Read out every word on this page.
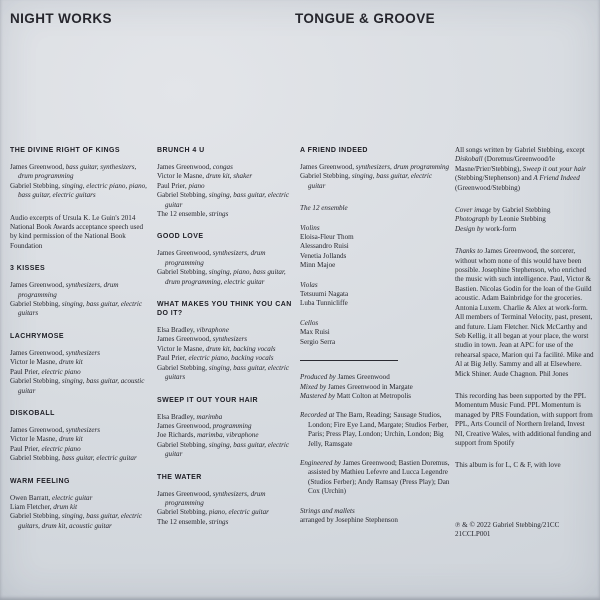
NIGHT WORKS	TONGUE & GROOVE
THE DIVINE RIGHT OF KINGS
James Greenwood, bass guitar, synthesizers, drum programming
Gabriel Stebbing, singing, electric piano, piano, bass guitar, electric guitars
Audio excerpts of Ursula K. Le Guin's 2014 National Book Awards acceptance speech used by kind permission of the National Book Foundation
3 KISSES
James Greenwood, synthesizers, drum programming
Gabriel Stebbing, singing, bass guitar, electric guitars
LACHRYMOSE
James Greenwood, synthesizers
Victor le Masne, drum kit
Paul Prier, electric piano
Gabriel Stebbing, singing, bass guitar, acoustic guitar
DISKOBALL
James Greenwood, synthesizers
Victor le Masne, drum kit
Paul Prier, electric piano
Gabriel Stebbing, bass guitar, electric guitar
WARM FEELING
Owen Barratt, electric guitar
Liam Fletcher, drum kit
Gabriel Stebbing, singing, bass guitar, electric guitars, drum kit, acoustic guitar
BRUNCH 4 U
James Greenwood, congas
Victor le Masne, drum kit, shaker
Paul Prier, piano
Gabriel Stebbing, singing, bass guitar, electric guitar
The 12 ensemble, strings
GOOD LOVE
James Greenwood, synthesizers, drum programming
Gabriel Stebbing, singing, piano, bass guitar, drum programming, electric guitar
WHAT MAKES YOU THINK YOU CAN DO IT?
Elsa Bradley, vibraphone
James Greenwood, synthesizers
Victor le Masne, drum kit, backing vocals
Paul Prier, electric piano, backing vocals
Gabriel Stebbing, singing, bass guitar, electric guitars
SWEEP IT OUT YOUR HAIR
Elsa Bradley, marimba
James Greenwood, programming
Joe Richards, marimba, vibraphone
Gabriel Stebbing, singing, bass guitar, electric guitar
THE WATER
James Greenwood, synthesizers, drum programming
Gabriel Stebbing, piano, electric guitar
The 12 ensemble, strings
A FRIEND INDEED
James Greenwood, synthesizers, drum programming
Gabriel Stebbing, singing, bass guitar, electric guitar
The 12 ensemble
Violins
Eloisa-Fleur Thom
Alessandro Ruisi
Venetia Jollands
Minn Majoe
Violas
Tetsuumi Nagata
Luba Tunnicliffe
Cellos
Max Ruisi
Sergio Serra
Produced by James Greenwood
Mixed by James Greenwood in Margate
Mastered by Matt Colton at Metropolis
Recorded at The Barn, Reading; Sausage Studios, London; Fire Eye Land, Margate; Studios Ferber, Paris; Press Play, London; Urchin, London; Big Jelly, Ramsgate
Engineered by James Greenwood; Bastien Doremus, assisted by Mathieu Lefevre and Lucca Legendre (Studios Ferber); Andy Ramsay (Press Play); Dan Cox (Urchin)
Strings and mallets
arranged by Josephine Stephenson
All songs written by Gabriel Stebbing, except Diskoball (Doremus/Greenwood/le Masne/Prier/Stebbing), Sweep it out your hair (Stebbing/Stephenson) and A Friend Indeed (Greenwood/Stebbing)
Cover image by Gabriel Stebbing
Photograph by Leonie Stebbing
Design by work-form
Thanks to James Greenwood, the sorcerer, without whom none of this would have been possible. Josephine Stephenson, who enriched the music with such intelligence. Paul, Victor & Bastien. Nicolas Godin for the loan of the Guild acoustic. Adam Bainbridge for the groceries. Antonia Luxem. Charlie & Alex at work-form. All members of Terminal Velocity, past, present, and future. Liam Fletcher. Nick McCarthy and Seb Kellig, it all began at your place, the worst studio in town. Jean at APC for use of the rehearsal space, Marion qui l'a facilité. Mike and Al at Big Jelly. Sammy and all at Elsewhere. Mick Shiner. Aude Chagnon. Phil Jones
This recording has been supported by the PPL Momentum Music Fund. PPL Momentum is managed by PRS Foundation, with support from PPL, Arts Council of Northern Ireland, Invest NI, Creative Wales, with additional funding and support from Spotify
This album is for L, C & F, with love
℗ & © 2022 Gabriel Stebbing/21CC
21CCLP001
